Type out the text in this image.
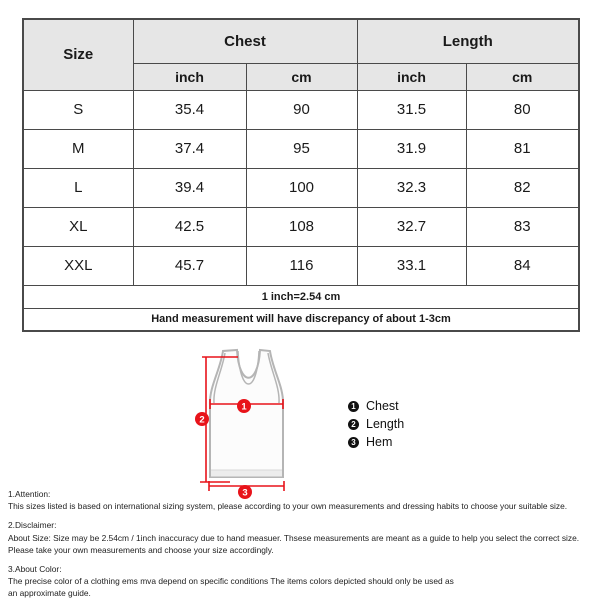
Size	Chest		Length	
	inch	cm	inch	cm
S	35.4	90	31.5	80
M	37.4	95	31.9	81
L	39.4	100	32.3	82
XL	42.5	108	32.7	83
XXL	45.7	116	33.1	84
1 inch=2.54 cm				
Hand measurement will have discrepancy of about 1-3cm				
1
2
3
1 Chest
2 Length
3 Hem
1.Attention:
This sizes listed is based on international sizing system, please according to your own measurements and dressing habits to choose your suitable size.
2.Disclaimer:
About Size: Size may be 2.54cm / 1inch inaccuracy due to hand measuer. Thsese measurements are meant as a guide to help you select the correct size.
Please take your own measurements and choose your size accordingly.
3.About Color:
The precise color of a clothing ems mva depend on specific conditions The items colors depicted should only be used as
an approximate guide.
